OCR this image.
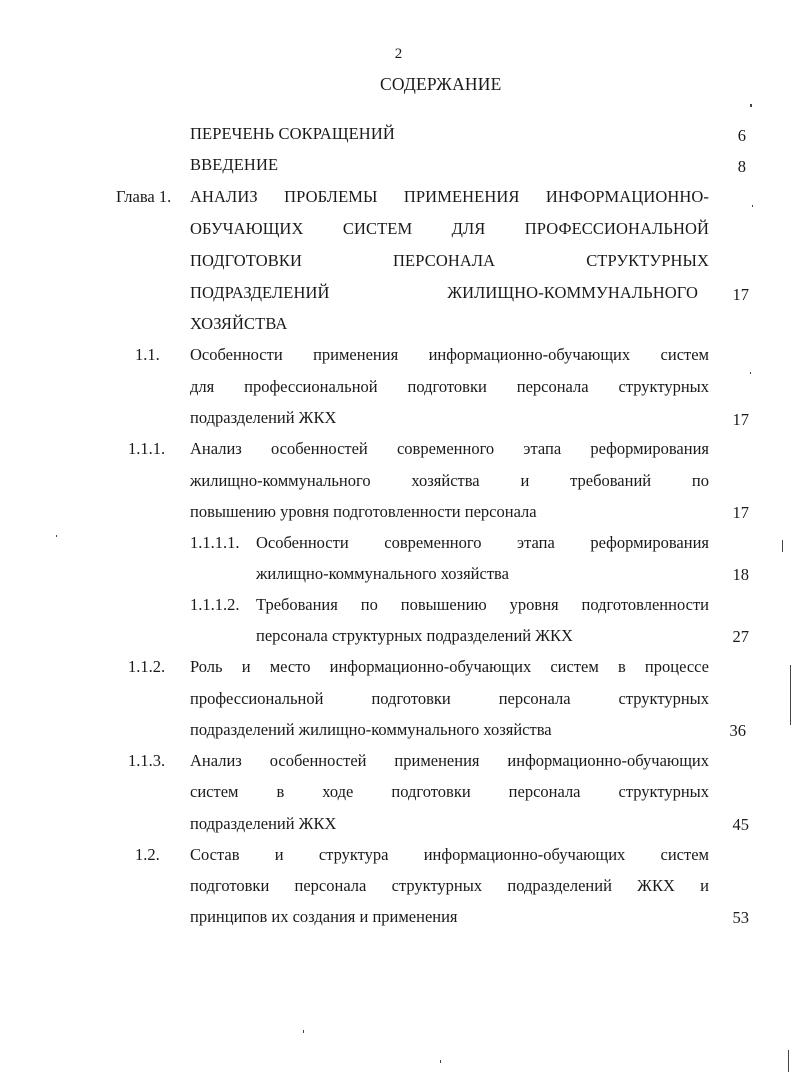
2
СОДЕРЖАНИЕ
ПЕРЕЧЕНЬ СОКРАЩЕНИЙ	6
ВВЕДЕНИЕ	8
Глава 1. АНАЛИЗ ПРОБЛЕМЫ ПРИМЕНЕНИЯ ИНФОРМАЦИОННО-
ОБУЧАЮЩИХ СИСТЕМ ДЛЯ ПРОФЕССИОНАЛЬНОЙ
ПОДГОТОВКИ ПЕРСОНАЛА СТРУКТУРНЫХ
ПОДРАЗДЕЛЕНИЙ ЖИЛИЩНО-КОММУНАЛЬНОГО
ХОЗЯЙСТВА
17
1.1. Особенности применения информационно-обучающих систем
для профессиональной подготовки персонала структурных
подразделений ЖКХ	17
1.1.1. Анализ особенностей современного этапа реформирования
жилищно-коммунального хозяйства и требований по
повышению уровня подготовленности персонала	17
1.1.1.1. Особенности современного этапа реформирования
жилищно-коммунального хозяйства	18
1.1.1.2. Требования по повышению уровня подготовленности
персонала структурных подразделений ЖКХ	27
1.1.2. Роль и место информационно-обучающих систем в процессе
профессиональной подготовки персонала структурных
подразделений жилищно-коммунального хозяйства	36
1.1.3. Анализ особенностей применения информационно-обучающих
систем в ходе подготовки персонала структурных
подразделений ЖКХ	45
1.2. Состав и структура информационно-обучающих систем
подготовки персонала структурных подразделений ЖКХ и
принципов их создания и применения	53
